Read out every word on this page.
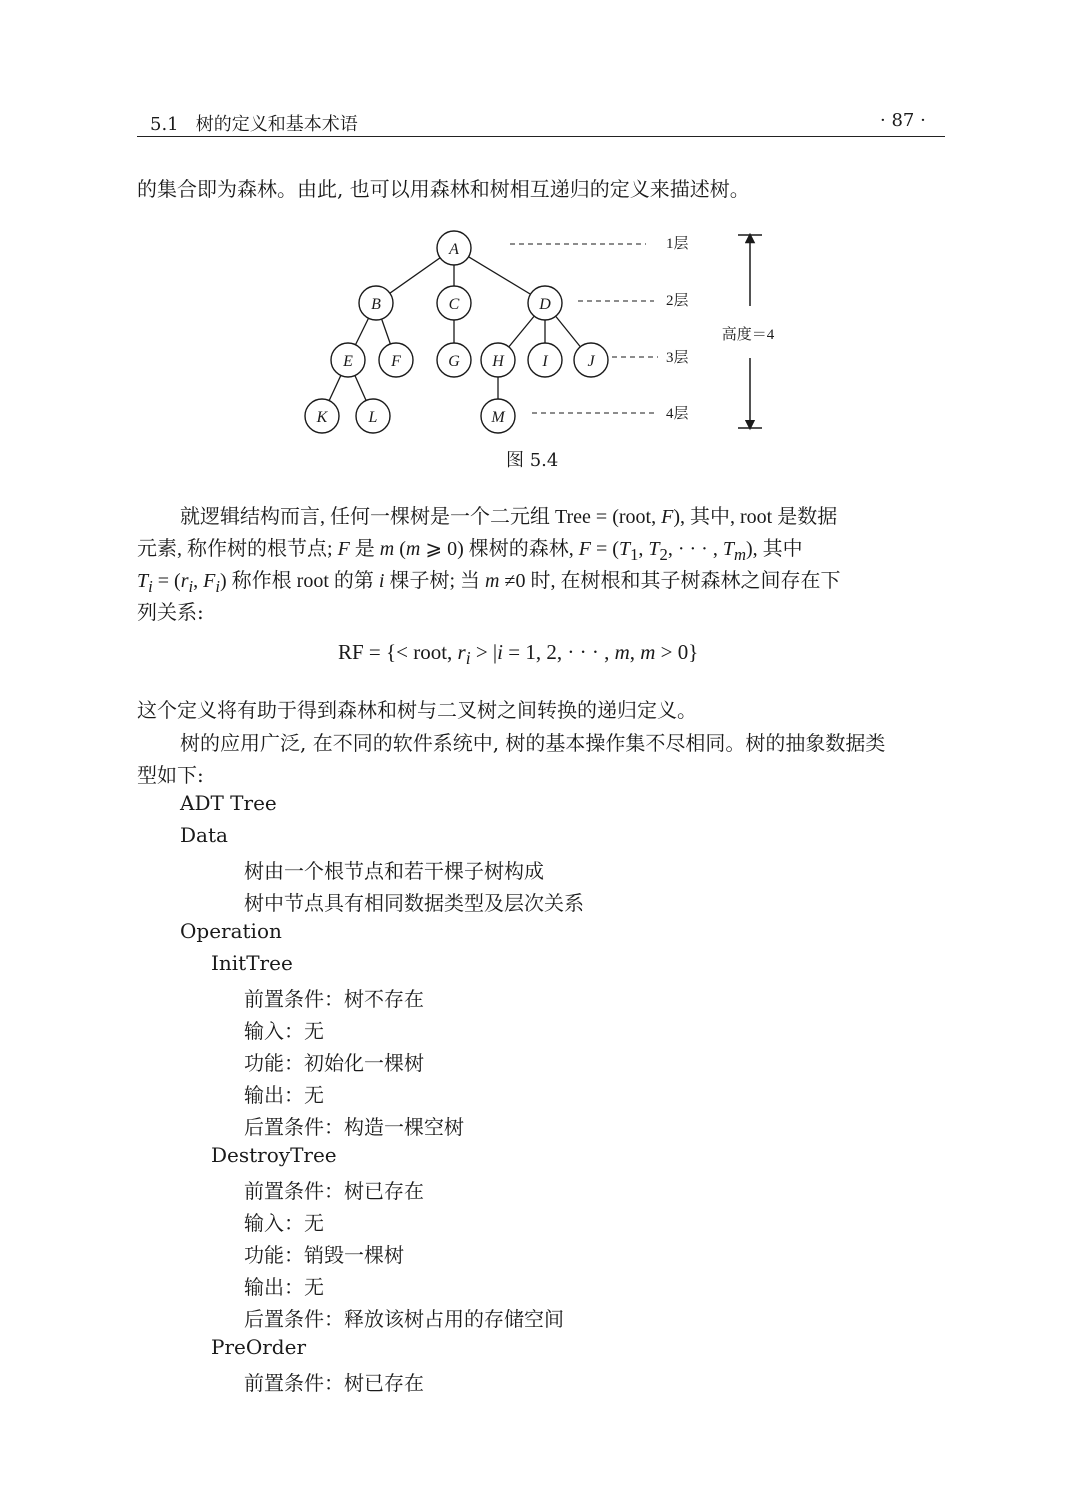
5.1   树的定义和基本术语	· 87 ·
的集合即为森林。由此, 也可以用森林和树相互递归的定义来描述树。
A
B	C	D
E F	G H I J
K	L	M
1层
2层
3层
4层
高度＝4
图 5.4
就逻辑结构而言, 任何一棵树是一个二元组 Tree = (root, F), 其中, root 是数据
元素, 称作树的根节点; F 是 m (m ⩾ 0) 棵树的森林, $F = (T_1$, $T_2$, · · · , $T_m$), 其中
$T_i = (r_i$, $F_i$) 称作根 root 的第 i 棵子树; 当 m ≠0 时, 在树根和其子树森林之间存在下
列关系:
RF = {< root, $r_i > |i = 1$, 2, · · · , m, m > 0}
这个定义将有助于得到森林和树与二叉树之间转换的递归定义。
树的应用广泛, 在不同的软件系统中, 树的基本操作集不尽相同。树的抽象数据类
型如下:
ADT Tree
Data
树由一个根节点和若干棵子树构成
树中节点具有相同数据类型及层次关系
Operation
InitTree
前置条件：树不存在
输入：无
功能：初始化一棵树
输出：无
后置条件：构造一棵空树
DestroyTree
前置条件：树已存在
输入：无
功能：销毁一棵树
输出：无
后置条件：释放该树占用的存储空间
PreOrder
前置条件：树已存在
